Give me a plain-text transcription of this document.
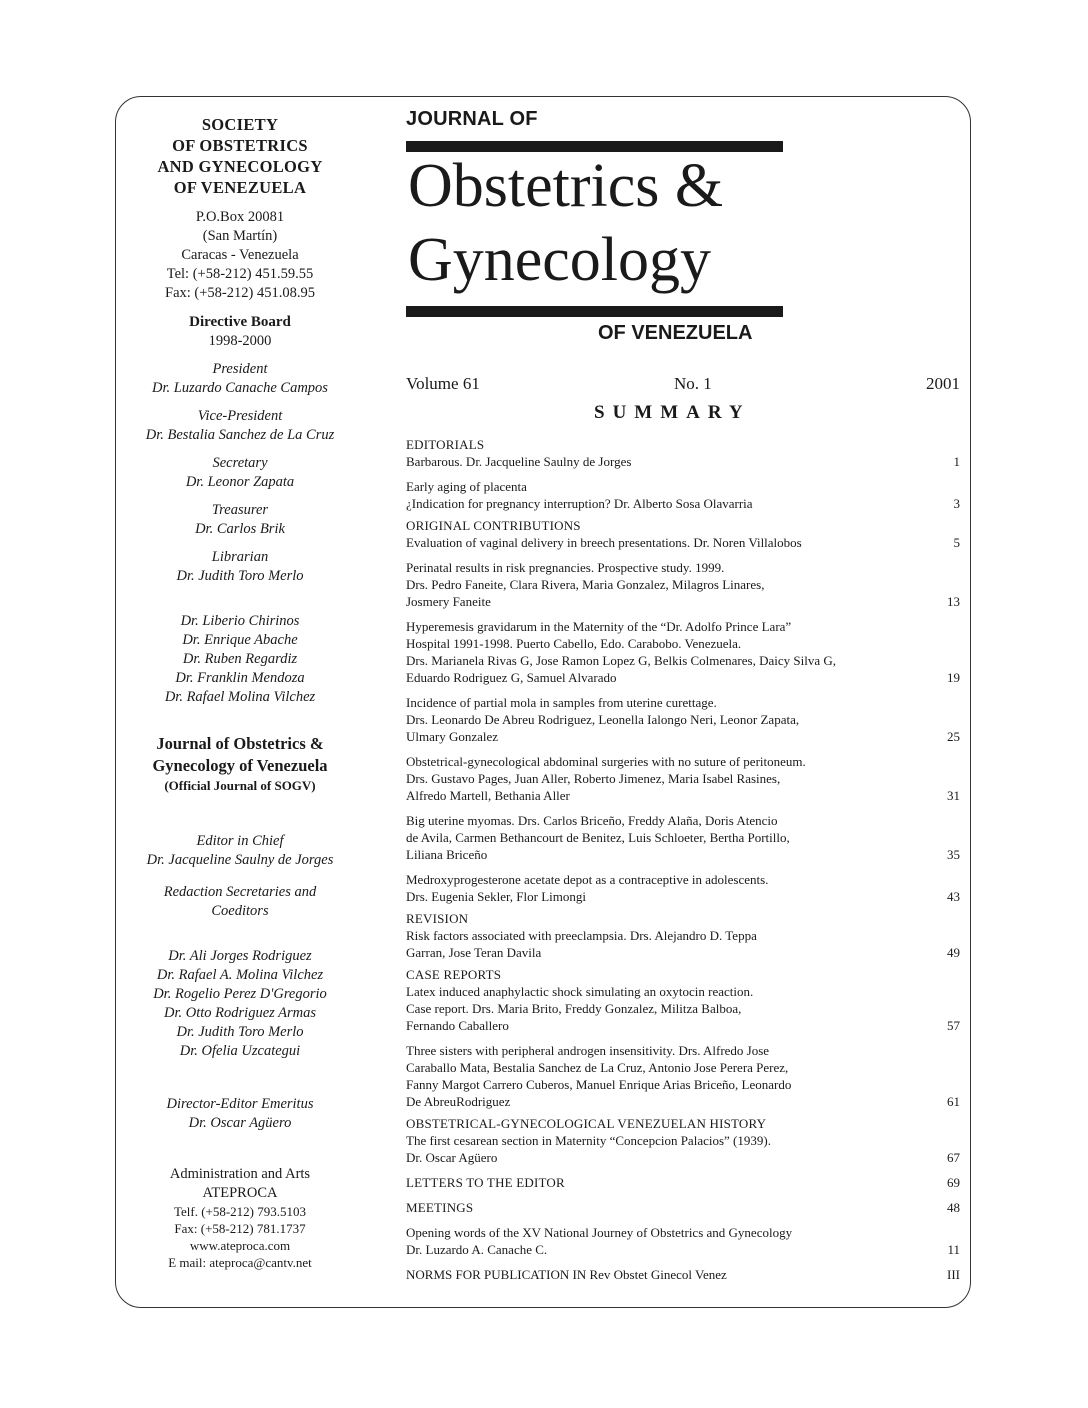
SOCIETY
OF OBSTETRICS
AND GYNECOLOGY
OF VENEZUELA
P.O.Box 20081
(San Martín)
Caracas - Venezuela
Tel: (+58-212) 451.59.55
Fax: (+58-212) 451.08.95
Directive Board
1998-2000
President
Dr. Luzardo Canache Campos
Vice-President
Dr. Bestalia Sanchez de La Cruz
Secretary
Dr. Leonor Zapata
Treasurer
Dr. Carlos Brik
Librarian
Dr. Judith Toro Merlo
Dr. Liberio Chirinos
Dr. Enrique Abache
Dr. Ruben Regardiz
Dr. Franklin Mendoza
Dr. Rafael Molina Vilchez
Journal of Obstetrics &
Gynecology of Venezuela
(Official Journal of SOGV)
Editor in Chief
Dr. Jacqueline Saulny de Jorges
Redaction Secretaries and
Coeditors
Dr. Ali Jorges Rodriguez
Dr. Rafael A. Molina Vilchez
Dr. Rogelio Perez D'Gregorio
Dr. Otto Rodriguez Armas
Dr. Judith Toro Merlo
Dr. Ofelia Uzcategui
Director-Editor Emeritus
Dr. Oscar Agüero
Administration and Arts
ATEPROCA
Telf. (+58-212) 793.5103
Fax: (+58-212) 781.1737
www.ateproca.com
E mail: ateproca@cantv.net
JOURNAL OF
Obstetrics &
Gynecology
OF VENEZUELA
Volume 61	No. 1	2001
SUMMARY
EDITORIALS
Barbarous. Dr. Jacqueline Saulny de Jorges	1
Early aging of placenta
¿Indication for pregnancy interruption? Dr. Alberto Sosa Olavarria	3
ORIGINAL CONTRIBUTIONS
Evaluation of vaginal delivery in breech presentations. Dr. Noren Villalobos	5
Perinatal results in risk pregnancies. Prospective study. 1999.
Drs. Pedro Faneite, Clara Rivera, Maria Gonzalez, Milagros Linares,
Josmery Faneite	13
Hyperemesis gravidarum in the Maternity of the “Dr. Adolfo Prince Lara”
Hospital 1991-1998. Puerto Cabello, Edo. Carabobo. Venezuela.
Drs. Marianela Rivas G, Jose Ramon Lopez G, Belkis Colmenares, Daicy Silva G,
Eduardo Rodriguez G, Samuel Alvarado	19
Incidence of partial mola in samples from uterine curettage.
Drs. Leonardo De Abreu Rodriguez, Leonella Ialongo Neri, Leonor Zapata,
Ulmary Gonzalez	25
Obstetrical-gynecological abdominal surgeries with no suture of peritoneum.
Drs. Gustavo Pages, Juan Aller, Roberto Jimenez, Maria Isabel Rasines,
Alfredo Martell, Bethania Aller	31
Big uterine myomas. Drs. Carlos Briceño, Freddy Alaña, Doris Atencio
de Avila, Carmen Bethancourt de Benitez, Luis Schloeter, Bertha Portillo,
Liliana Briceño	35
Medroxyprogesterone acetate depot as a contraceptive in adolescents.
Drs. Eugenia Sekler, Flor Limongi	43
REVISION
Risk factors associated with preeclampsia. Drs. Alejandro D. Teppa
Garran, Jose Teran Davila	49
CASE REPORTS
Latex induced anaphylactic shock simulating an oxytocin reaction.
Case report. Drs. Maria Brito, Freddy Gonzalez, Militza Balboa,
Fernando Caballero	57
Three sisters with peripheral androgen insensitivity. Drs. Alfredo Jose
Caraballo Mata, Bestalia Sanchez de La Cruz, Antonio Jose Perera Perez,
Fanny Margot Carrero Cuberos, Manuel Enrique Arias Briceño, Leonardo
De AbreuRodriguez	61
OBSTETRICAL-GYNECOLOGICAL VENEZUELAN HISTORY
The first cesarean section in Maternity “Concepcion Palacios” (1939).
Dr. Oscar Agüero	67
LETTERS TO THE EDITOR	69
MEETINGS	48
Opening words of the XV National Journey of Obstetrics and Gynecology
Dr. Luzardo A. Canache C.	11
NORMS FOR PUBLICATION IN Rev Obstet Ginecol Venez	III
